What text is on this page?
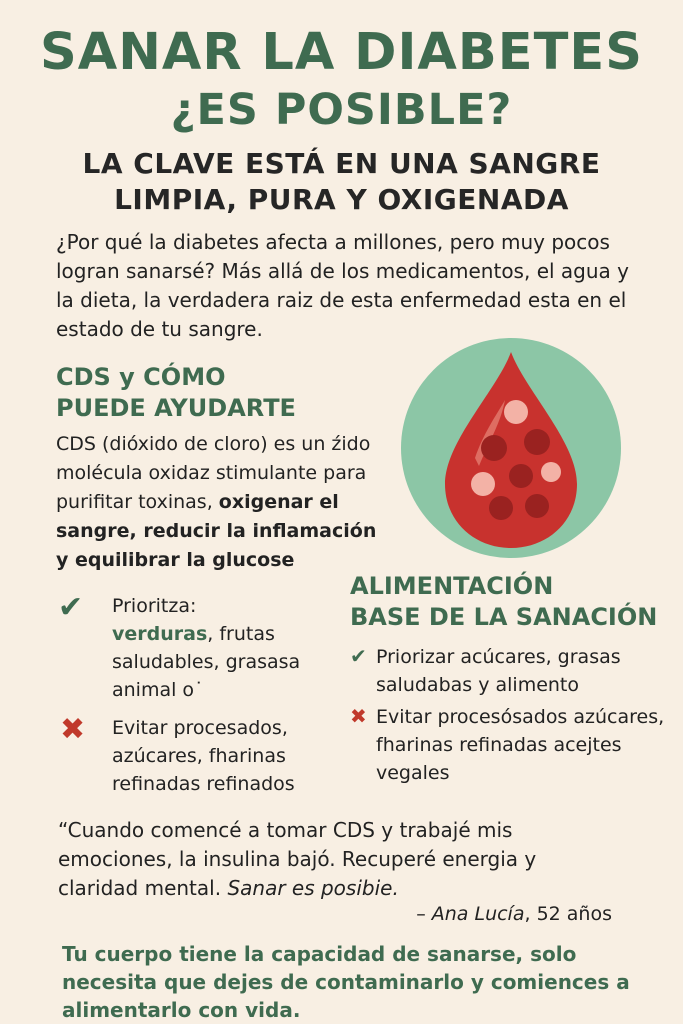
SANAR LA DIABETES
¿ES POSIBLE?
LA CLAVE ESTÁ EN UNA SANGRE
LIMPIA, PURA Y OXIGENADA
¿Por qué la diabetes afecta a millones, pero muy pocos logran sanarsé? Más allá de los medicamentos, el agua y la dieta, la verdadera raiz de esta enfermedad esta en el estado de tu sangre.
CDS y CÓMO
PUEDE AYUDARTE
CDS (dióxido de cloro) es un źido molécula oxidaz stimulante para purifitar toxinas, oxigenar el sangre, reducir la inflamación y equilibrar la glucose
✔ Prioritza:
verduras, frutas saludables, grasasa animal o˙
✖ Evitar procesados, azúcares, fharinas refinadas refinados
ALIMENTACIÓN
BASE DE LA SANACIÓN
✔ Priorizar acúcares, grasas saludabas y alimento
✖ Evitar procesósados azúcares, fharinas refinadas acejtes vegales
“Cuando comencé a tomar CDS y trabajé mis emociones, la insulina bajó. Recuperé energia y claridad mental. Sanar es posibie.
– Ana Lucía, 52 años
Tu cuerpo tiene la capacidad de sanarse, solo necesita que dejes de contaminarlo y comiences a alimentarlo con vida.
